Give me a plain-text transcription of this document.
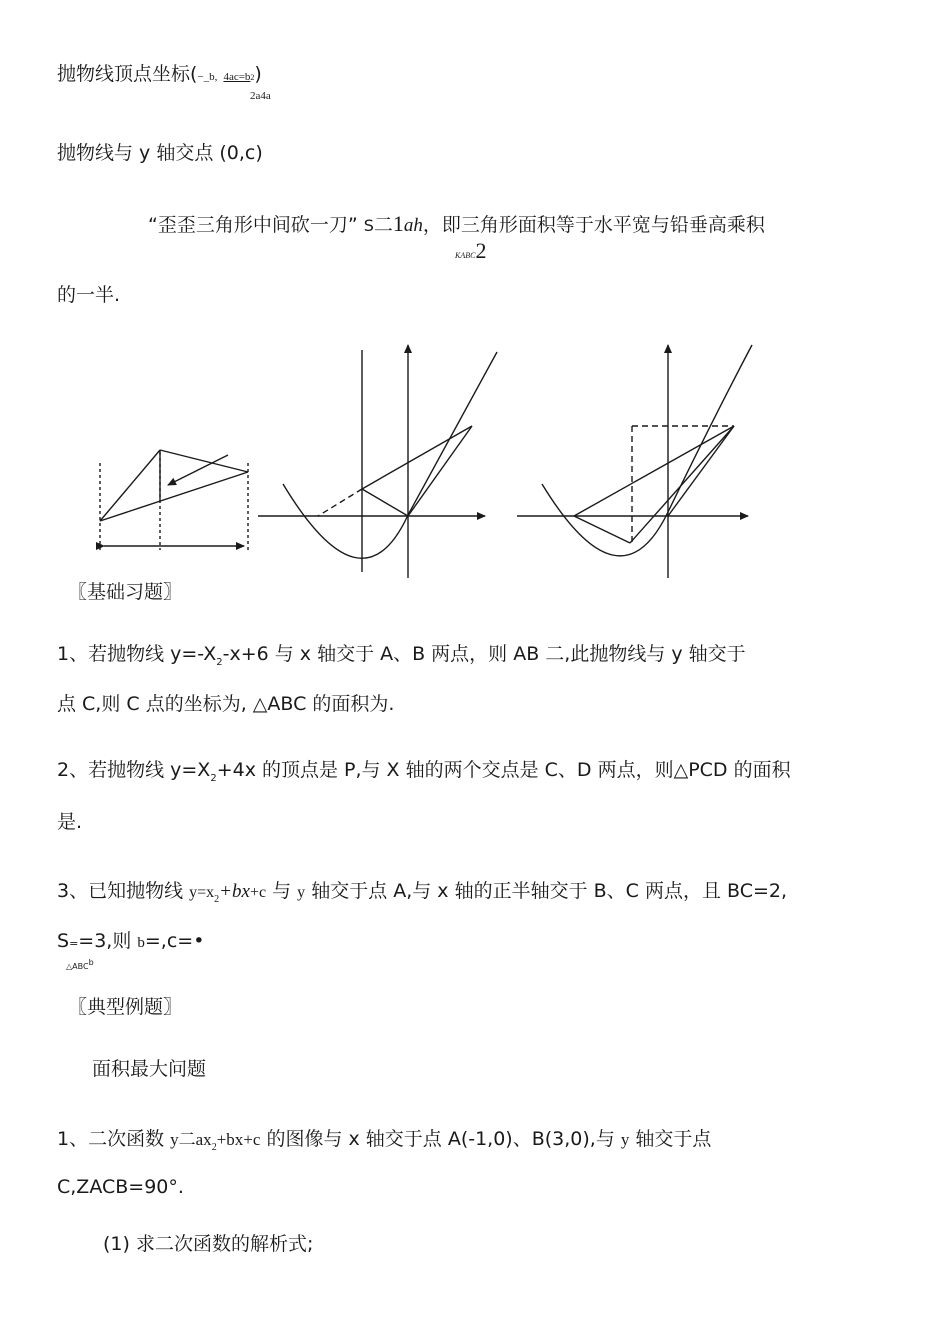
抛物线顶点坐标(−_b, 4ac=b2)
2a4a
抛物线与 y 轴交点 (0,c)
“歪歪三角形中间砍一刀” S二1ah，即三角形面积等于水平宽与铅垂高乘积
KABC2
的一半.
〖基础习题〗
1、若抛物线 $y=-X_2-x+6$ 与 x 轴交于 A、B 两点，则 AB 二,此抛物线与 y 轴交于
点 C,则 C 点的坐标为, △ABC 的面积为.
2、若抛物线 $y=X_2+4x$ 的顶点是 P,与 X 轴的两个交点是 C、D 两点，则△PCD 的面积
是.
3、已知抛物线 $y=x_2+bx+c$ 与 y 轴交于点 A,与 x 轴的正半轴交于 B、C 两点，且 BC=2,
S==3,则 b=,c=•
△ABC$^b$
〖典型例题〗
面积最大问题
1、二次函数 y二$ax_2+bx+c$ 的图像与 x 轴交于点 A(-1,0)、B(3,0),与 y 轴交于点
C,ZACB=90°.
(1) 求二次函数的解析式;
